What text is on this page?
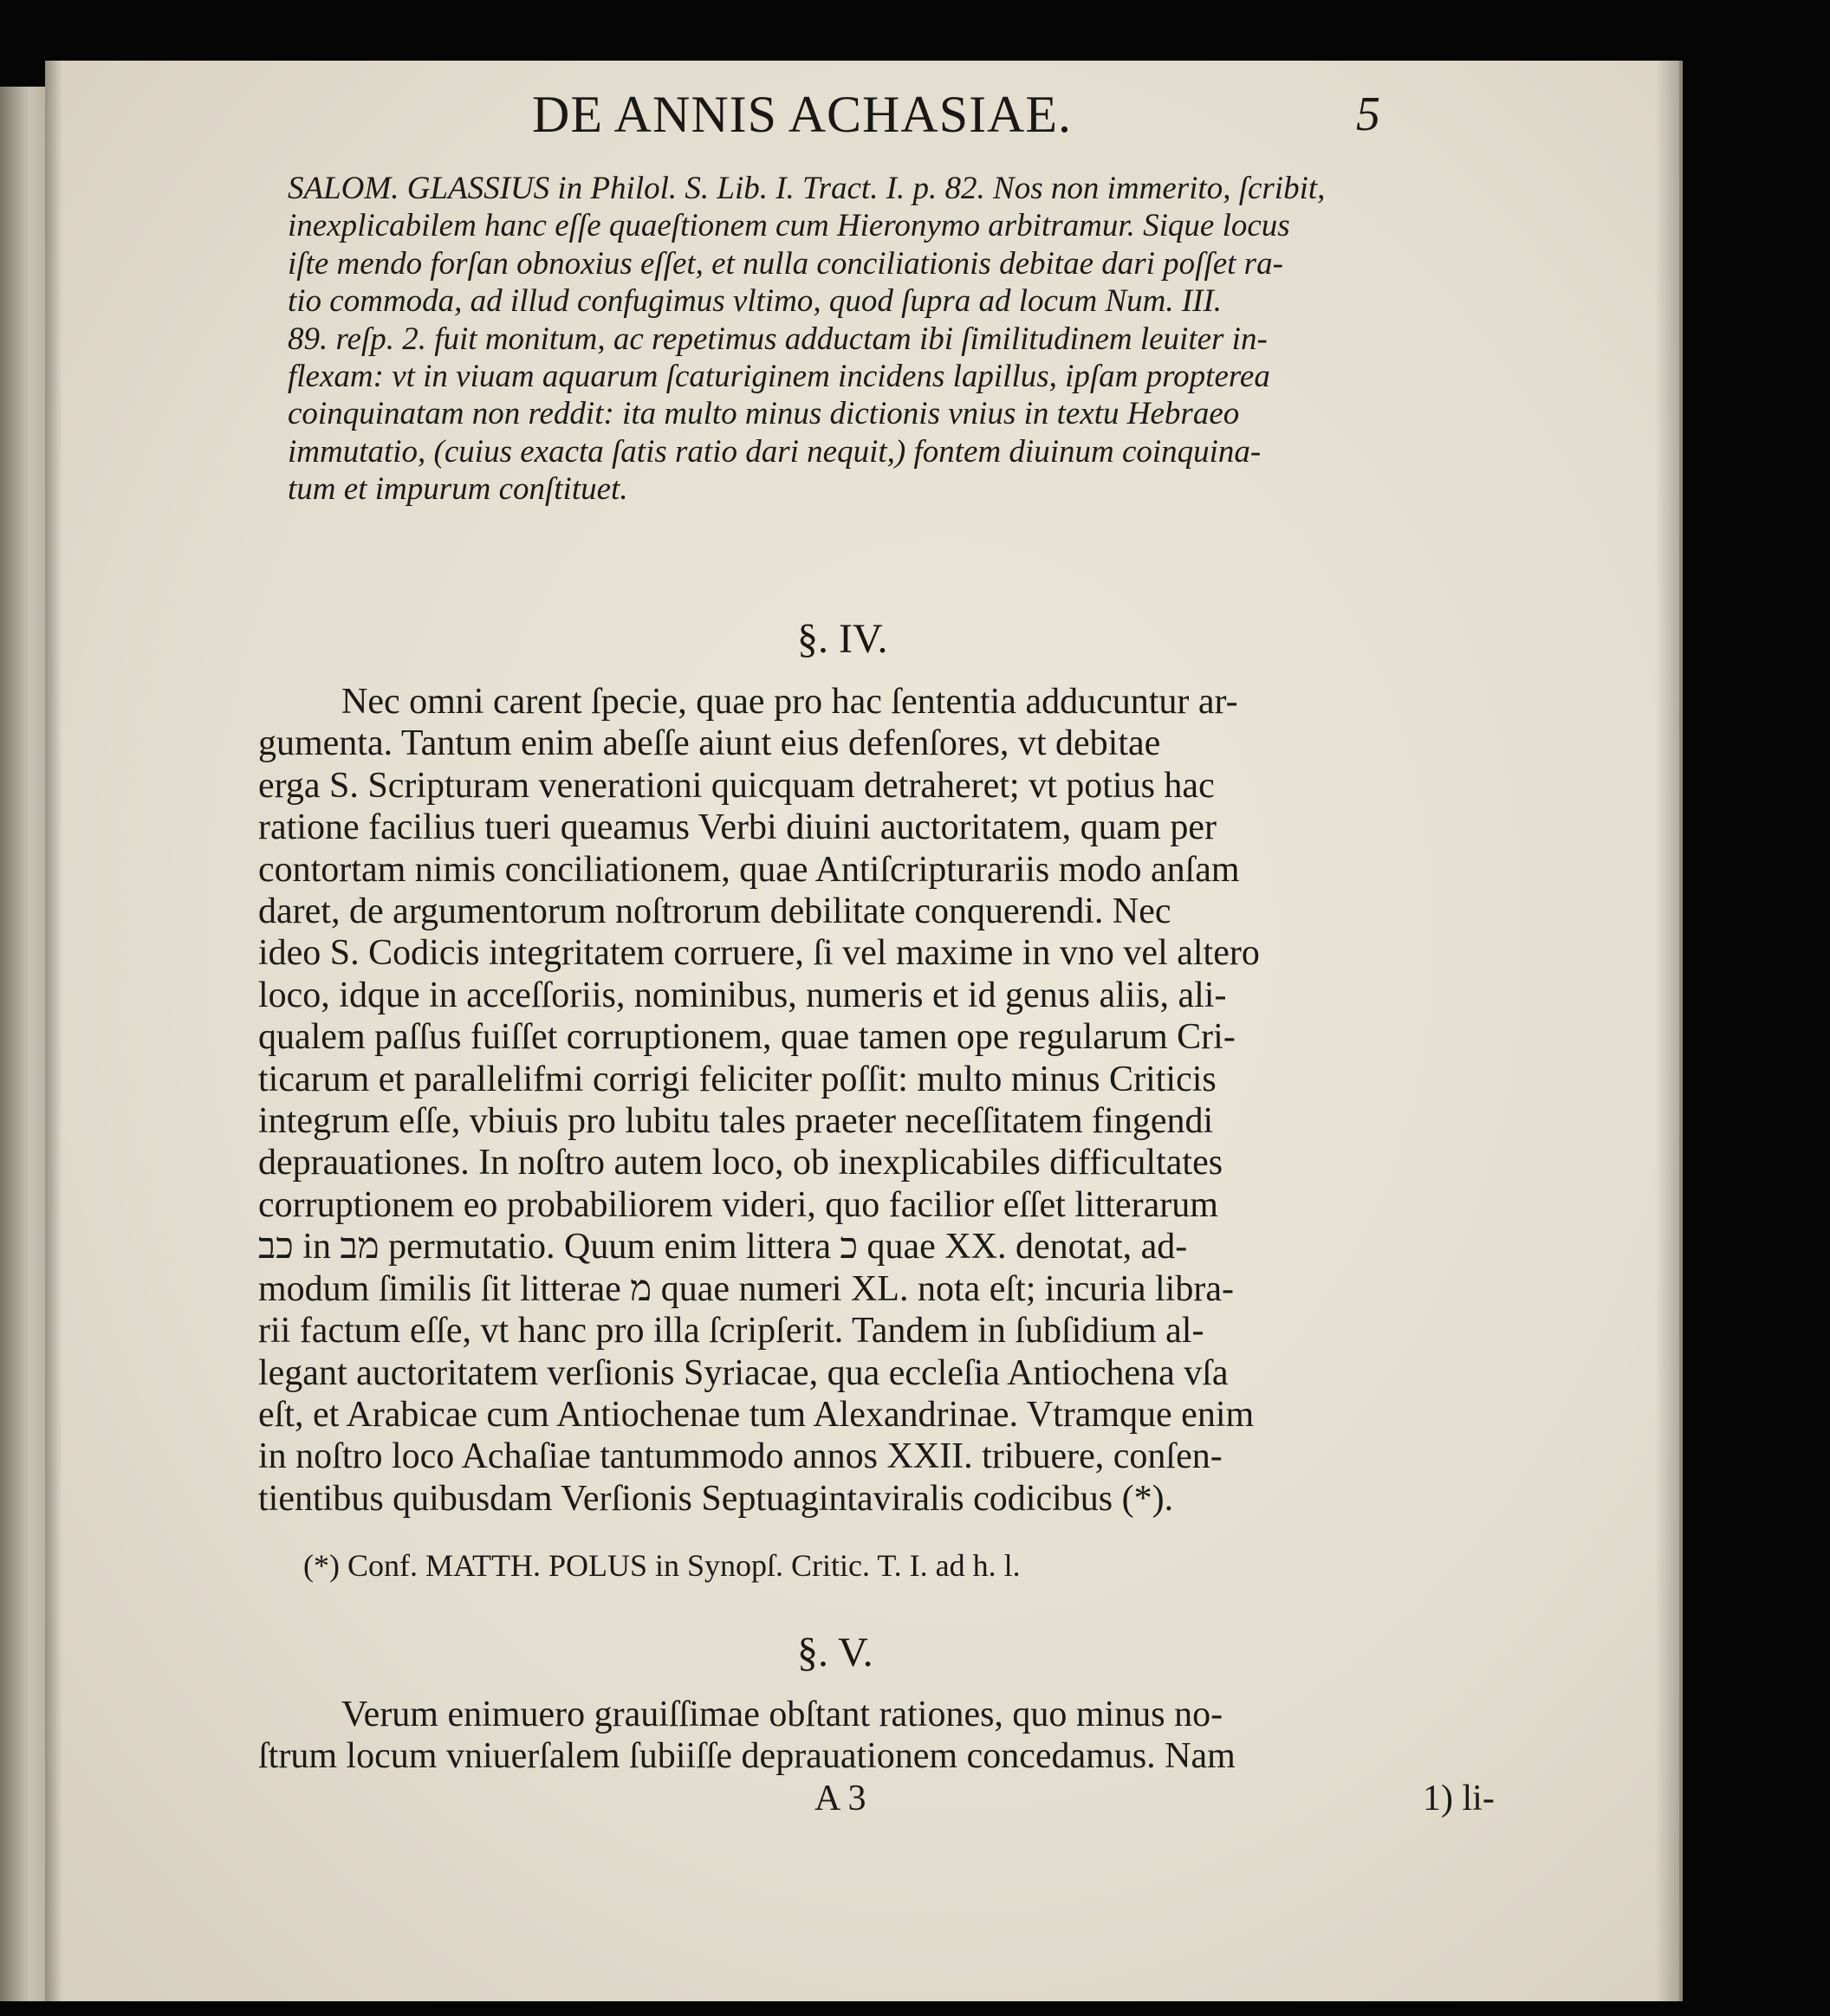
DE ANNIS ACHASIAE.	5
SALOM. GLASSIUS in Philol. S. Lib. I. Tract. I. p. 82. Nos non immerito, ſcribit,
inexplicabilem hanc eſſe quaeſtionem cum Hieronymo arbitramur. Sique locus
iſte mendo forſan obnoxius eſſet, et nulla conciliationis debitae dari poſſet ra-
tio commoda, ad illud confugimus vltimo, quod ſupra ad locum Num. III.
89. reſp. 2. fuit monitum, ac repetimus adductam ibi ſimilitudinem leuiter in-
flexam: vt in viuam aquarum ſcaturiginem incidens lapillus, ipſam propterea
coinquinatam non reddit: ita multo minus dictionis vnius in textu Hebraeo
immutatio, (cuius exacta ſatis ratio dari nequit,) fontem diuinum coinquina-
tum et impurum conſtituet.
§. IV.
Nec omni carent ſpecie, quae pro hac ſententia adducuntur ar-
gumenta. Tantum enim abeſſe aiunt eius defenſores, vt debitae
erga S. Scripturam venerationi quicquam detraheret; vt potius hac
ratione facilius tueri queamus Verbi diuini auctoritatem, quam per
contortam nimis conciliationem, quae Antiſcripturariis modo anſam
daret, de argumentorum noſtrorum debilitate conquerendi. Nec
ideo S. Codicis integritatem corruere, ſi vel maxime in vno vel altero
loco, idque in acceſſoriis, nominibus, numeris et id genus aliis, ali-
qualem paſſus fuiſſet corruptionem, quae tamen ope regularum Cri-
ticarum et parallelifmi corrigi feliciter poſſit: multo minus Criticis
integrum eſſe, vbiuis pro lubitu tales praeter neceſſitatem fingendi
deprauationes. In noſtro autem loco, ob inexplicabiles difficultates
corruptionem eo probabiliorem videri, quo facilior eſſet litterarum
כב in מב permutatio. Quum enim littera כ quae XX. denotat, ad-
modum ſimilis ſit litterae מ quae numeri XL. nota eſt; incuria libra-
rii factum eſſe, vt hanc pro illa ſcripſerit. Tandem in ſubſidium al-
legant auctoritatem verſionis Syriacae, qua eccleſia Antiochena vſa
eſt, et Arabicae cum Antiochenae tum Alexandrinae. Vtramque enim
in noſtro loco Achaſiae tantummodo annos XXII. tribuere, conſen-
tientibus quibusdam Verſionis Septuagintaviralis codicibus (*).
(*) Conf. MATTH. POLUS in Synopſ. Critic. T. I. ad h. l.
§. V.
Verum enimuero grauiſſimae obſtant rationes, quo minus no-
ſtrum locum vniuerſalem ſubiiſſe deprauationem concedamus. Nam
A 3	1) li-
